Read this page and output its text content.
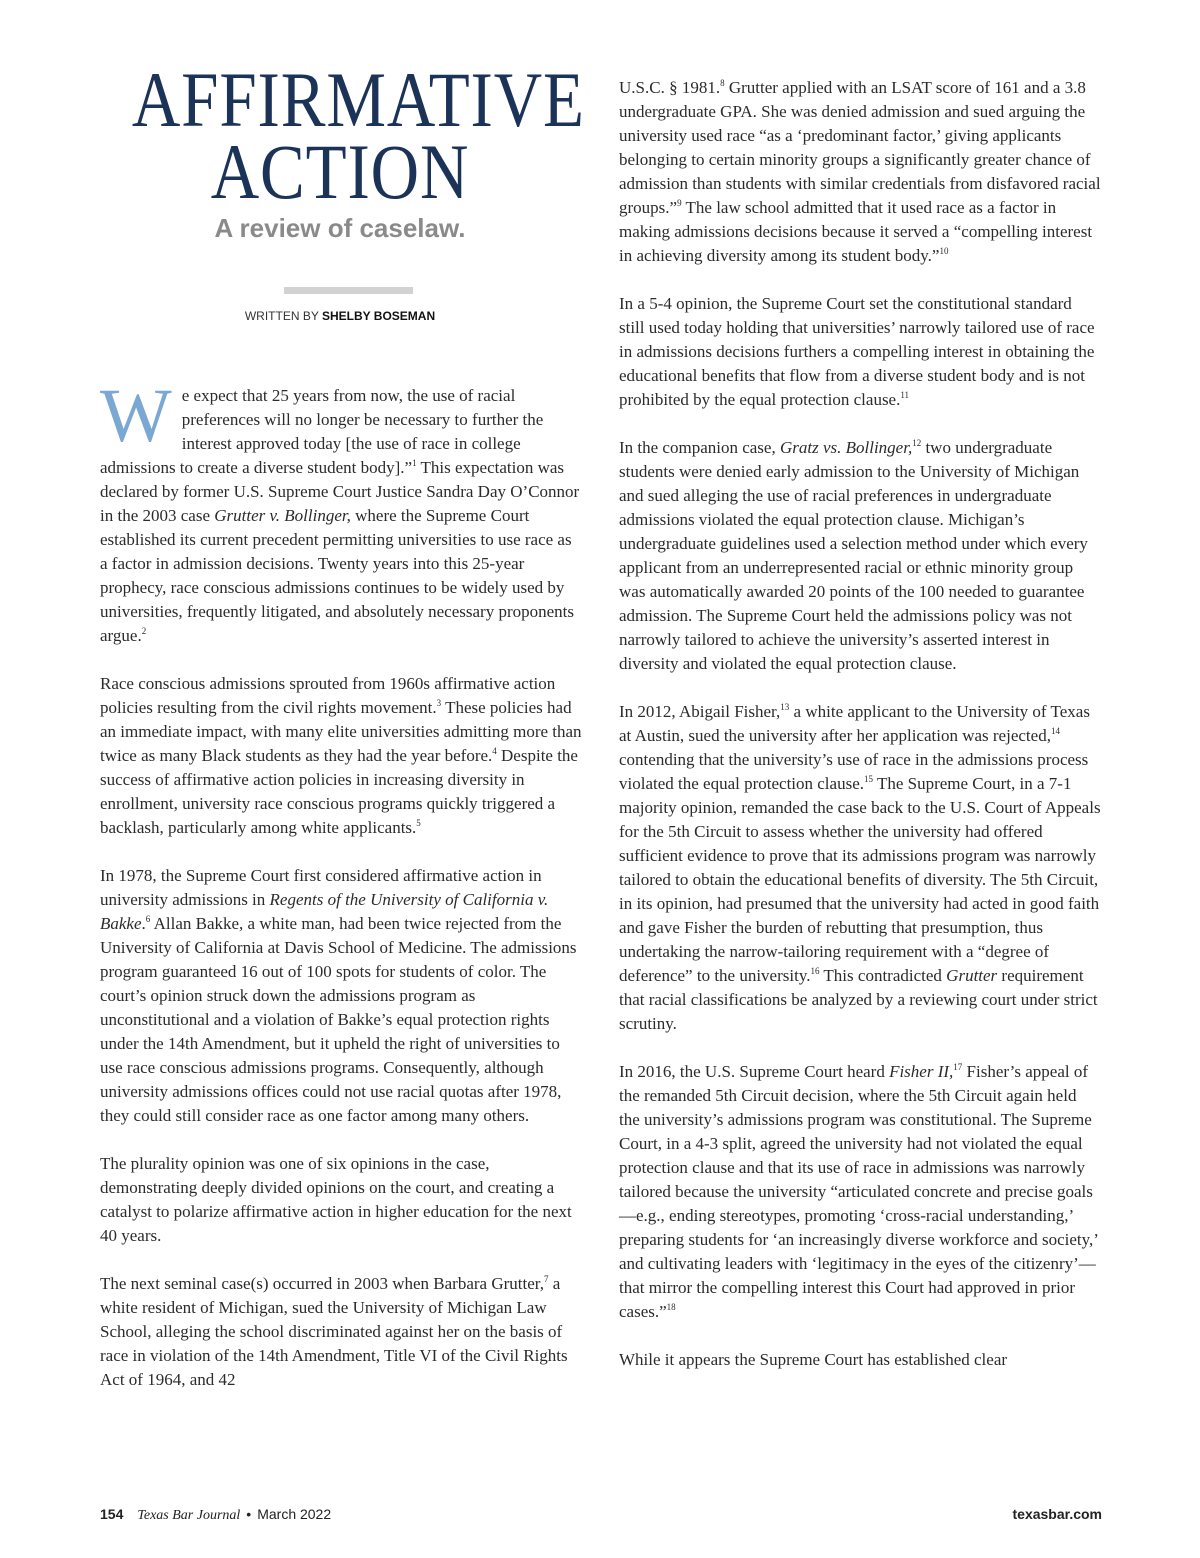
AFFIRMATIVE
ACTION
A review of caselaw.
WRITTEN BY SHELBY BOSEMAN

We expect that 25 years from now, the use of racial preferences will no longer be necessary to further the interest approved today [the use of race in college admissions to create a diverse student body].”$^1$ This expectation was declared by former U.S. Supreme Court Justice Sandra Day O’Connor in the 2003 case Grutter v. Bollinger, where the Supreme Court established its current precedent permitting universities to use race as a factor in admission decisions. Twenty years into this 25-year prophecy, race conscious admissions continues to be widely used by universities, frequently litigated, and absolutely necessary proponents argue.$^2$

Race conscious admissions sprouted from 1960s affirmative action policies resulting from the civil rights movement.$^3$ These policies had an immediate impact, with many elite universities admitting more than twice as many Black students as they had the year before.$^4$ Despite the success of affirmative action policies in increasing diversity in enrollment, university race conscious programs quickly triggered a backlash, particularly among white applicants.$^5$

In 1978, the Supreme Court first considered affirmative action in university admissions in Regents of the University of California v. Bakke.$^6$ Allan Bakke, a white man, had been twice rejected from the University of California at Davis School of Medicine. The admissions program guaranteed 16 out of 100 spots for students of color. The court’s opinion struck down the admissions program as unconstitutional and a violation of Bakke’s equal protection rights under the 14th Amendment, but it upheld the right of universities to use race conscious admissions programs. Consequently, although university admissions offices could not use racial quotas after 1978, they could still consider race as one factor among many others.

The plurality opinion was one of six opinions in the case, demonstrating deeply divided opinions on the court, and creating a catalyst to polarize affirmative action in higher education for the next 40 years.

The next seminal case(s) occurred in 2003 when Barbara Grutter,$^7$ a white resident of Michigan, sued the University of Michigan Law School, alleging the school discriminated against her on the basis of race in violation of the 14th Amendment, Title VI of the Civil Rights Act of 1964, and 42

U.S.C. § 1981.$^8$ Grutter applied with an LSAT score of 161 and a 3.8 undergraduate GPA. She was denied admission and sued arguing the university used race “as a ‘predominant factor,’ giving applicants belonging to certain minority groups a significantly greater chance of admission than students with similar credentials from disfavored racial groups.”$^9$ The law school admitted that it used race as a factor in making admissions decisions because it served a “compelling interest in achieving diversity among its student body.”$^{10}$

In a 5-4 opinion, the Supreme Court set the constitutional standard still used today holding that universities’ narrowly tailored use of race in admissions decisions furthers a compelling interest in obtaining the educational benefits that flow from a diverse student body and is not prohibited by the equal protection clause.$^{11}$

In the companion case, Gratz vs. Bollinger,$^{12}$ two undergraduate students were denied early admission to the University of Michigan and sued alleging the use of racial preferences in undergraduate admissions violated the equal protection clause. Michigan’s undergraduate guidelines used a selection method under which every applicant from an underrepresented racial or ethnic minority group was automatically awarded 20 points of the 100 needed to guarantee admission. The Supreme Court held the admissions policy was not narrowly tailored to achieve the university’s asserted interest in diversity and violated the equal protection clause.

In 2012, Abigail Fisher,$^{13}$ a white applicant to the University of Texas at Austin, sued the university after her application was rejected,$^{14}$ contending that the university’s use of race in the admissions process violated the equal protection clause.$^{15}$ The Supreme Court, in a 7-1 majority opinion, remanded the case back to the U.S. Court of Appeals for the 5th Circuit to assess whether the university had offered sufficient evidence to prove that its admissions program was narrowly tailored to obtain the educational benefits of diversity. The 5th Circuit, in its opinion, had presumed that the university had acted in good faith and gave Fisher the burden of rebutting that presumption, thus undertaking the narrow-tailoring requirement with a “degree of deference” to the university.$^{16}$ This contradicted Grutter requirement that racial classifications be analyzed by a reviewing court under strict scrutiny.

In 2016, the U.S. Supreme Court heard Fisher II,$^{17}$ Fisher’s appeal of the remanded 5th Circuit decision, where the 5th Circuit again held the university’s admissions program was constitutional. The Supreme Court, in a 4-3 split, agreed the university had not violated the equal protection clause and that its use of race in admissions was narrowly tailored because the university “articulated concrete and precise goals—e.g., ending stereotypes, promoting ‘cross-racial understanding,’ preparing students for ‘an increasingly diverse workforce and society,’ and cultivating leaders with ‘legitimacy in the eyes of the citizenry’—that mirror the compelling interest this Court had approved in prior cases.”$^{18}$

While it appears the Supreme Court has established clear

154 Texas Bar Journal • March 2022	texasbar.com
